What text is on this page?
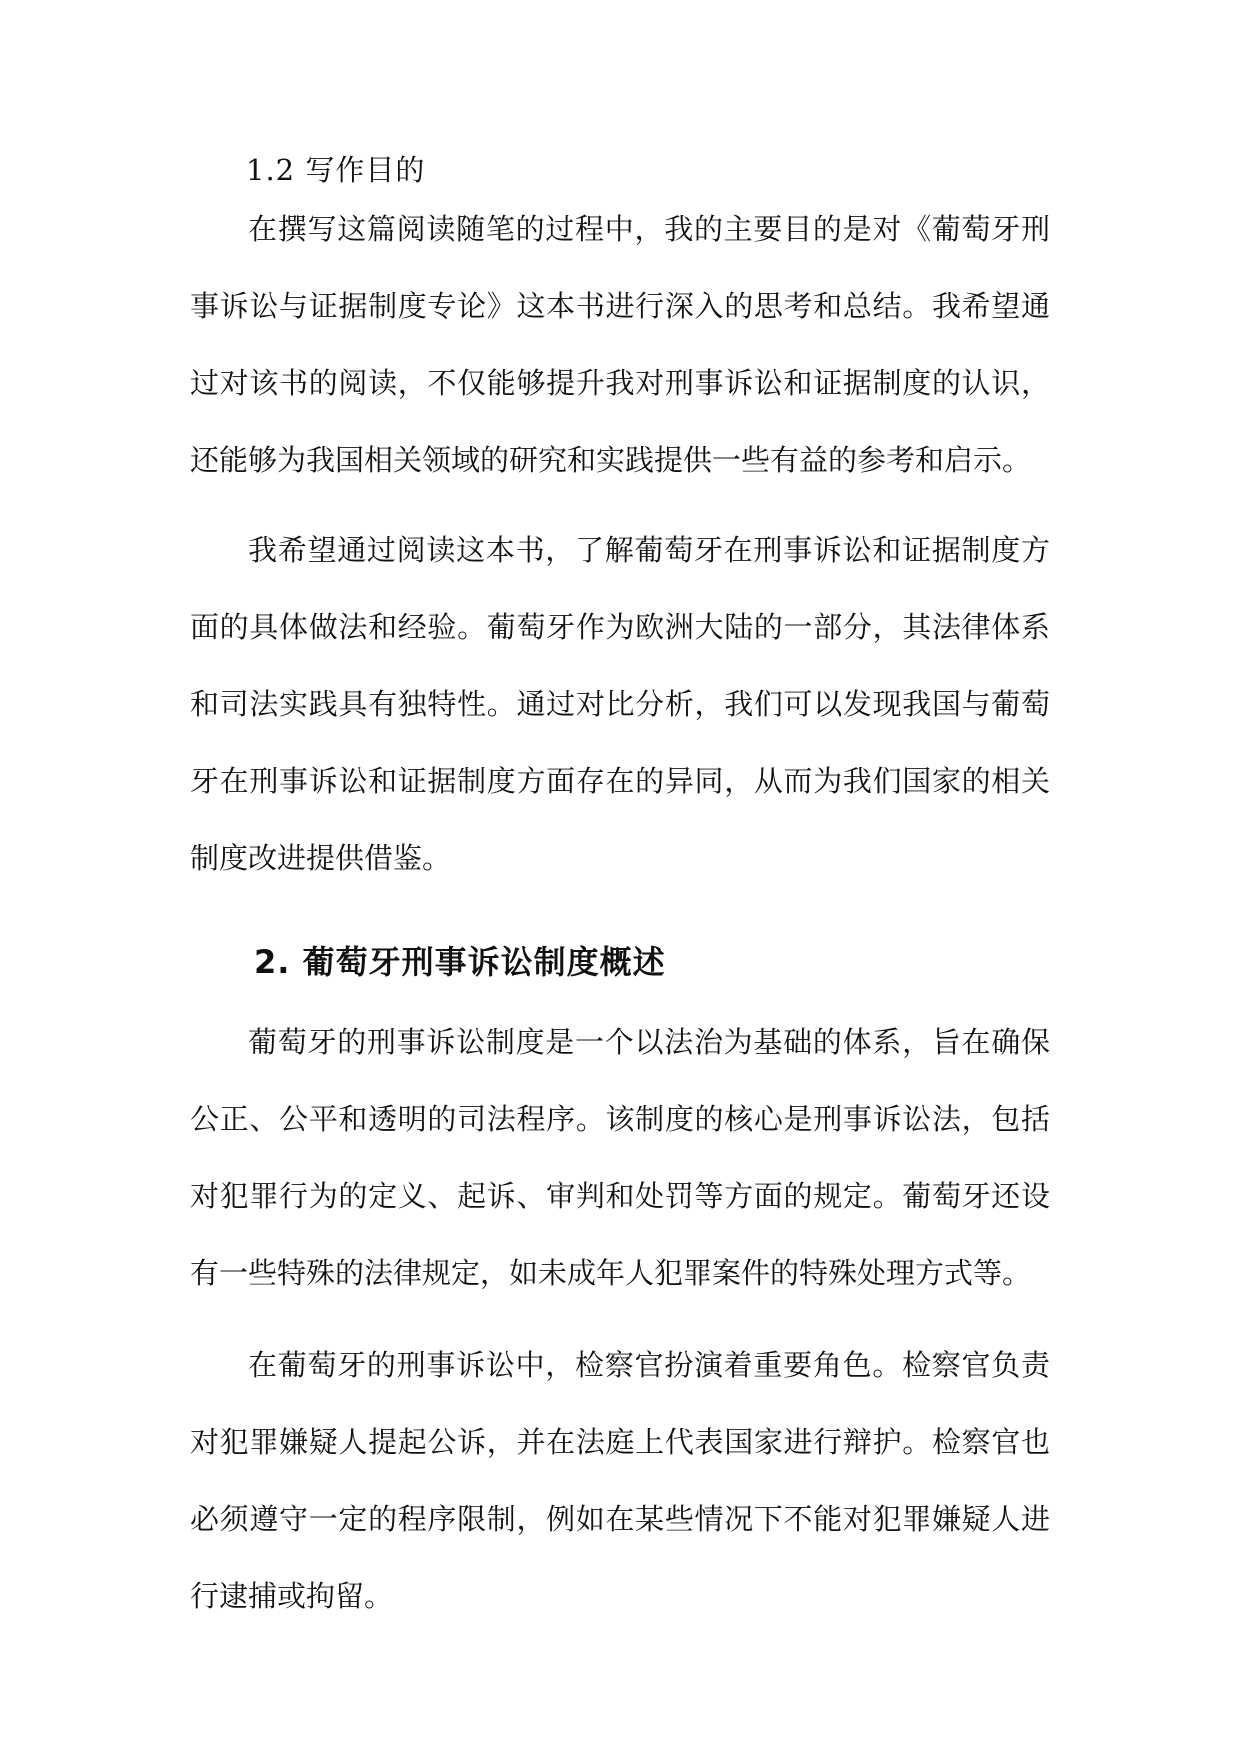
1.2 写作目的

在撰写这篇阅读随笔的过程中，我的主要目的是对《葡萄牙刑事诉讼与证据制度专论》这本书进行深入的思考和总结。我希望通过对该书的阅读，不仅能够提升我对刑事诉讼和证据制度的认识，还能够为我国相关领域的研究和实践提供一些有益的参考和启示。

我希望通过阅读这本书，了解葡萄牙在刑事诉讼和证据制度方面的具体做法和经验。葡萄牙作为欧洲大陆的一部分，其法律体系和司法实践具有独特性。通过对比分析，我们可以发现我国与葡萄牙在刑事诉讼和证据制度方面存在的异同，从而为我们国家的相关制度改进提供借鉴。

2. 葡萄牙刑事诉讼制度概述

葡萄牙的刑事诉讼制度是一个以法治为基础的体系，旨在确保公正、公平和透明的司法程序。该制度的核心是刑事诉讼法，包括对犯罪行为的定义、起诉、审判和处罚等方面的规定。葡萄牙还设有一些特殊的法律规定，如未成年人犯罪案件的特殊处理方式等。

在葡萄牙的刑事诉讼中，检察官扮演着重要角色。检察官负责对犯罪嫌疑人提起公诉，并在法庭上代表国家进行辩护。检察官也必须遵守一定的程序限制，例如在某些情况下不能对犯罪嫌疑人进行逮捕或拘留。
